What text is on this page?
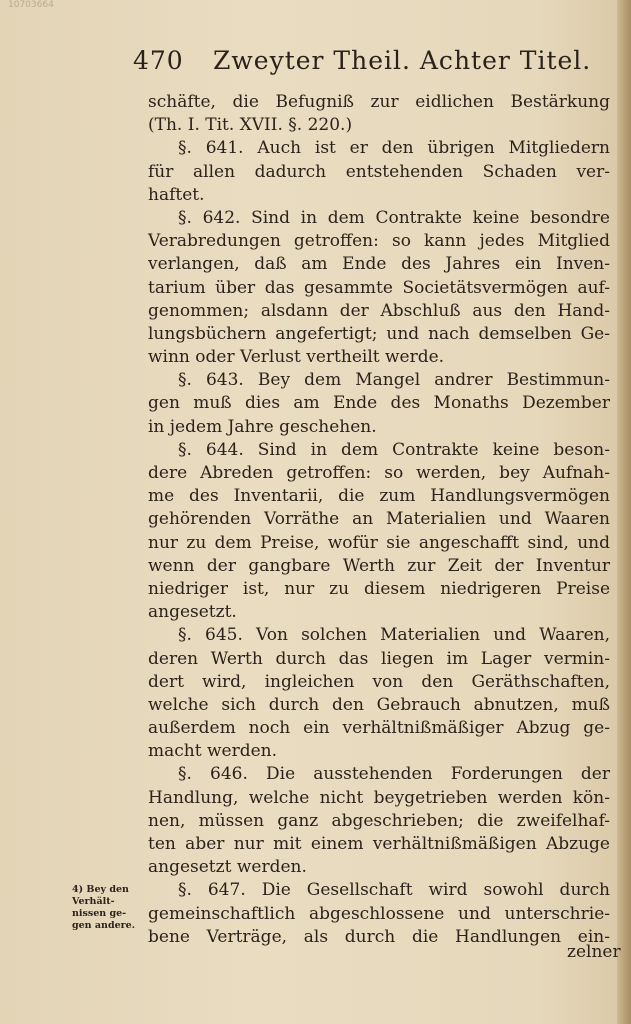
10703664
470 Zweyter Theil. Achter Titel.
schäfte, die Befugniß zur eidlichen Bestärkung
(Th. I. Tit. XVII. §. 220.)
§. 641. Auch ist er den übrigen Mitgliedern
für allen dadurch entstehenden Schaden ver-
haftet.
§. 642. Sind in dem Contrakte keine besondre
Verabredungen getroffen: so kann jedes Mitglied
verlangen, daß am Ende des Jahres ein Inven-
tarium über das gesammte Societätsvermögen auf-
genommen; alsdann der Abschluß aus den Hand-
lungsbüchern angefertigt; und nach demselben Ge-
winn oder Verlust vertheilt werde.
§. 643. Bey dem Mangel andrer Bestimmun-
gen muß dies am Ende des Monaths Dezember
in jedem Jahre geschehen.
§. 644. Sind in dem Contrakte keine beson-
dere Abreden getroffen: so werden, bey Aufnah-
me des Inventarii, die zum Handlungsvermögen
gehörenden Vorräthe an Materialien und Waaren
nur zu dem Preise, wofür sie angeschafft sind, und
wenn der gangbare Werth zur Zeit der Inventur
niedriger ist, nur zu diesem niedrigeren Preise
angesetzt.
§. 645. Von solchen Materialien und Waaren,
deren Werth durch das liegen im Lager vermin-
dert wird, ingleichen von den Geräthschaften,
welche sich durch den Gebrauch abnutzen, muß
außerdem noch ein verhältnißmäßiger Abzug ge-
macht werden.
§. 646. Die ausstehenden Forderungen der
Handlung, welche nicht beygetrieben werden kön-
nen, müssen ganz abgeschrieben; die zweifelhaf-
ten aber nur mit einem verhältnißmäßigen Abzuge
angesetzt werden.
§. 647. Die Gesellschaft wird sowohl durch
gemeinschaftlich abgeschlossene und unterschrie-
bene Verträge, als durch die Handlungen ein-
4) Bey den
Verhält-
nissen ge-
gen andere.
zelner
